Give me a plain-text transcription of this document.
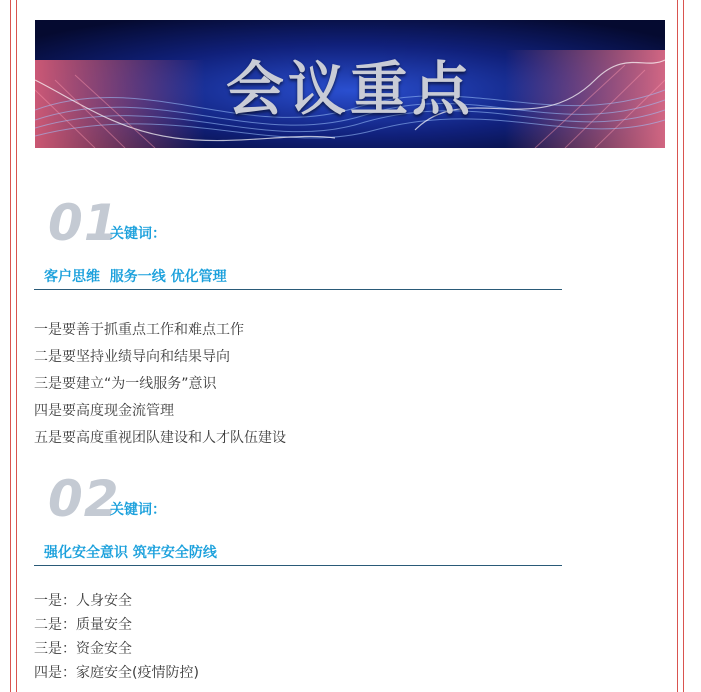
会议重点
01
关键词：
客户思维  服务一线 优化管理
一是要善于抓重点工作和难点工作
二是要坚持业绩导向和结果导向
三是要建立“为一线服务”意识
四是要高度现金流管理
五是要高度重视团队建设和人才队伍建设
02
关键词：
强化安全意识 筑牢安全防线
一是：人身安全
二是：质量安全
三是：资金安全
四是：家庭安全(疫情防控)
